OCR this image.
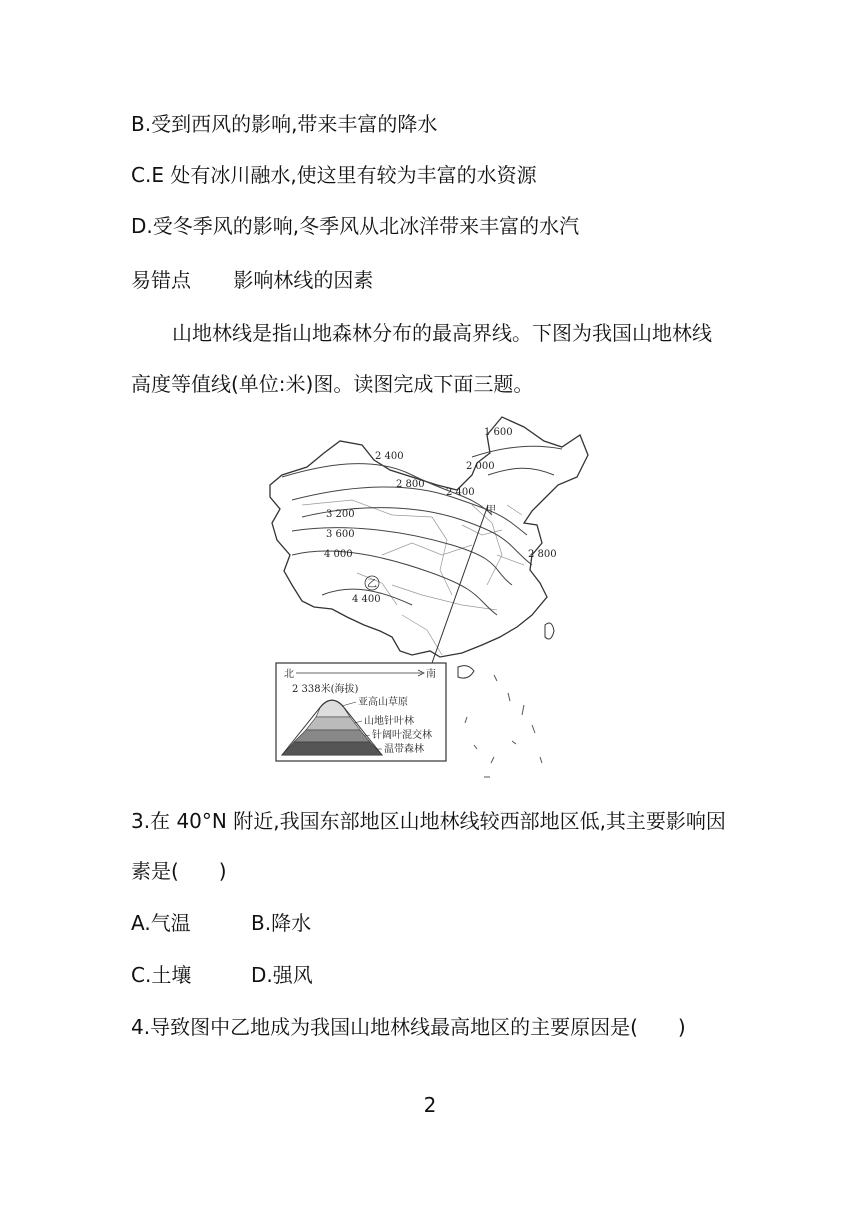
B.受到西风的影响,带来丰富的降水
C.E 处有冰川融水,使这里有较为丰富的水资源
D.受冬季风的影响,冬季风从北冰洋带来丰富的水汽
易错点 影响林线的因素
山地林线是指山地森林分布的最高界线。下图为我国山地林线
高度等值线(单位:米)图。读图完成下面三题。
1 600
2 400
2 800
2 000
2 400
3 200
3 600
4 000
4 400
2 800
甲
乙
北	南
2 338米(海拔)
亚高山草原
山地针叶林
针阔叶混交林
温带森林
3.在 40°N 附近,我国东部地区山地林线较西部地区低,其主要影响因
素是(　　)
A.气温	B.降水
C.土壤	D.强风
4.导致图中乙地成为我国山地林线最高地区的主要原因是(　　)
2
